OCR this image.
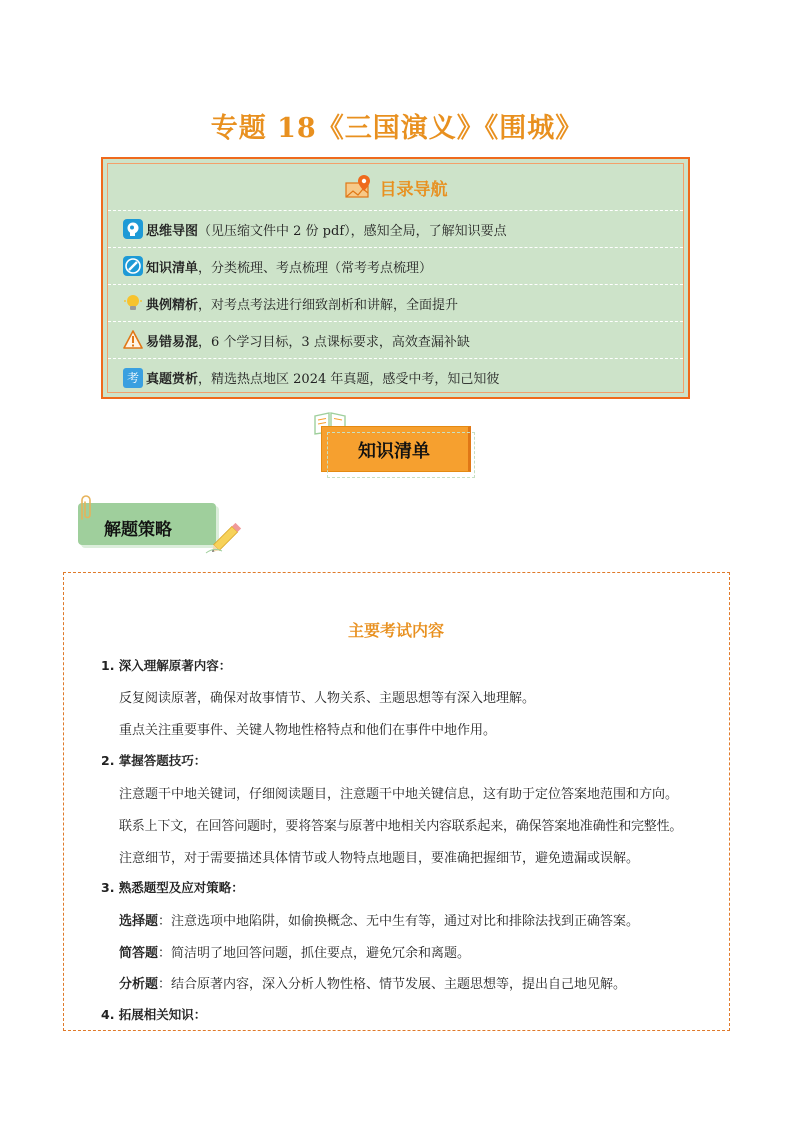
专题 18《三国演义》《围城》
目录导航
思维导图 （见压缩文件中 2 份 pdf），感知全局，了解知识要点
知识清单 ，分类梳理、考点梳理（常考考点梳理）
典例精析 ，对考点考法进行细致剖析和讲解，全面提升
易错易混 ，6 个学习目标，3 点课标要求，高效查漏补缺
考 真题赏析 ，精选热点地区 2024 年真题，感受中考，知己知彼
知识清单
解题策略
主要考试内容
1. 深入理解原著内容：
反复阅读原著，确保对故事情节、人物关系、主题思想等有深入地理解。
重点关注重要事件、关键人物地性格特点和他们在事件中地作用。
2. 掌握答题技巧：
注意题干中地关键词，仔细阅读题目，注意题干中地关键信息，这有助于定位答案地范围和方向。
联系上下文，在回答问题时，要将答案与原著中地相关内容联系起来，确保答案地准确性和完整性。
注意细节，对于需要描述具体情节或人物特点地题目，要准确把握细节，避免遗漏或误解。
3. 熟悉题型及应对策略：
选择题：注意选项中地陷阱，如偷换概念、无中生有等，通过对比和排除法找到正确答案。
简答题：简洁明了地回答问题，抓住要点，避免冗余和离题。
分析题：结合原著内容，深入分析人物性格、情节发展、主题思想等，提出自己地见解。
4. 拓展相关知识：
